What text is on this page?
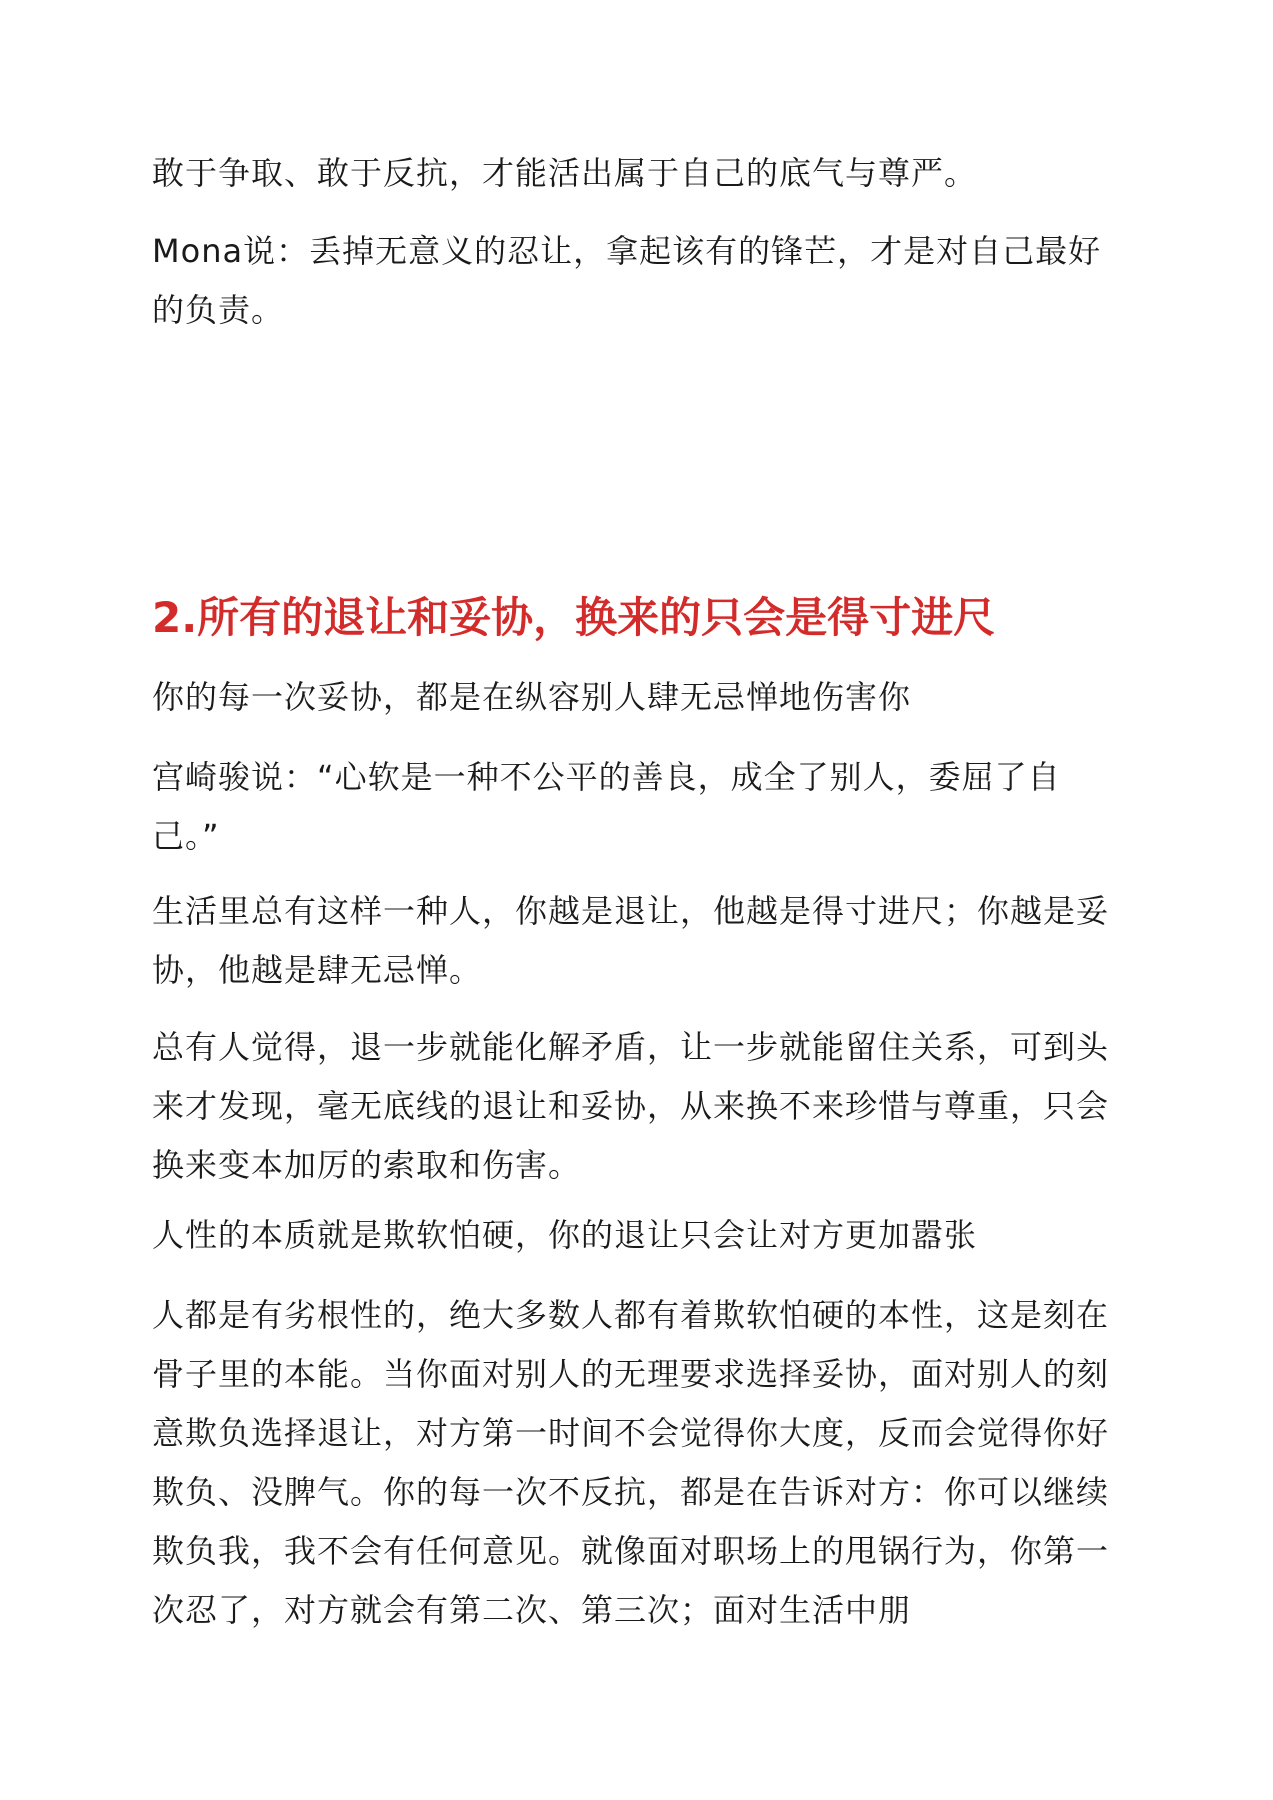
敢于争取、敢于反抗，才能活出属于自己的底气与尊严。

Mona说：丢掉无意义的忍让，拿起该有的锋芒，才是对自己最好的负责。

2.所有的退让和妥协，换来的只会是得寸进尺

你的每一次妥协，都是在纵容别人肆无忌惮地伤害你

宫崎骏说：“心软是一种不公平的善良，成全了别人，委屈了自己。”

生活里总有这样一种人，你越是退让，他越是得寸进尺；你越是妥协，他越是肆无忌惮。

总有人觉得，退一步就能化解矛盾，让一步就能留住关系，可到头来才发现，毫无底线的退让和妥协，从来换不来珍惜与尊重，只会换来变本加厉的索取和伤害。

人性的本质就是欺软怕硬，你的退让只会让对方更加嚣张

人都是有劣根性的，绝大多数人都有着欺软怕硬的本性，这是刻在骨子里的本能。当你面对别人的无理要求选择妥协，面对别人的刻意欺负选择退让，对方第一时间不会觉得你大度，反而会觉得你好欺负、没脾气。你的每一次不反抗，都是在告诉对方：你可以继续欺负我，我不会有任何意见。就像面对职场上的甩锅行为，你第一次忍了，对方就会有第二次、第三次；面对生活中朋
